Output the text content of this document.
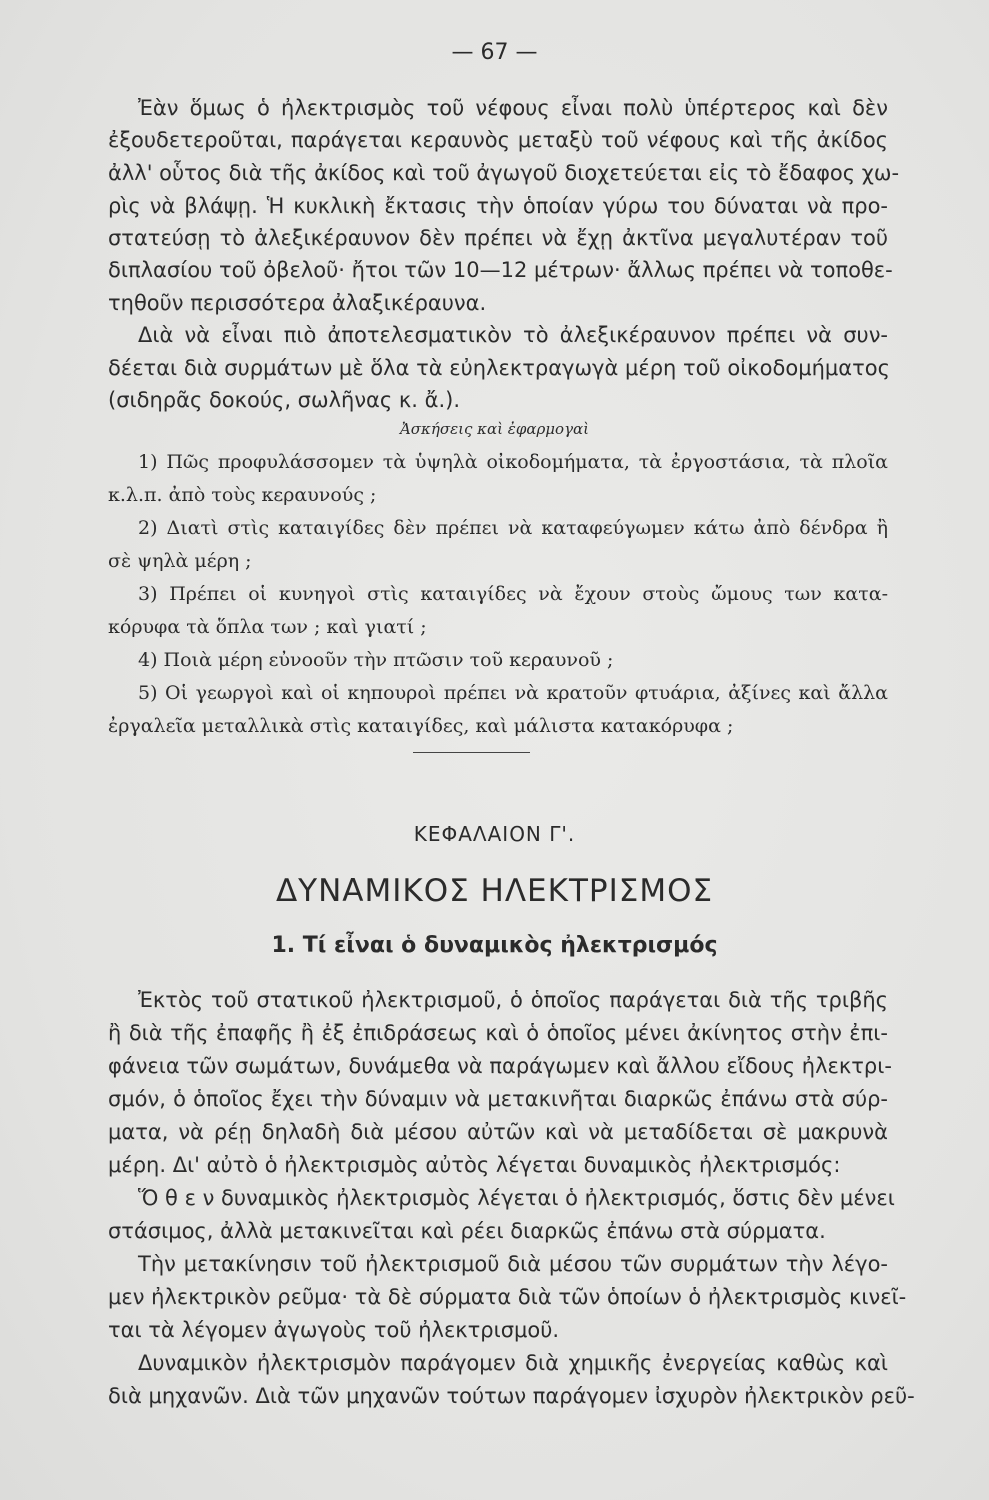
— 67 —
Ἐὰν ὅμως ὁ ἠλεκτρισμὸς τοῦ νέφους εἶναι πολὺ ὑπέρτερος καὶ δὲν
ἐξουδετεροῦται, παράγεται κεραυνὸς μεταξὺ τοῦ νέφους καὶ τῆς ἀκίδος
ἀλλ' οὗτος διὰ τῆς ἀκίδος καὶ τοῦ ἀγωγοῦ διοχετεύεται εἰς τὸ ἔδαφος χω-
ρὶς νὰ βλάψῃ. Ἡ κυκλικὴ ἔκτασις τὴν ὁποίαν γύρω του δύναται νὰ προ-
στατεύσῃ τὸ ἀλεξικέραυνον δὲν πρέπει νὰ ἔχῃ ἀκτῖνα μεγαλυτέραν τοῦ
διπλασίου τοῦ ὀβελοῦ· ἤτοι τῶν 10—12 μέτρων· ἄλλως πρέπει νὰ τοποθε-
τηθοῦν περισσότερα ἀλαξικέραυνα.
Διὰ νὰ εἶναι πιὸ ἀποτελεσματικὸν τὸ ἀλεξικέραυνον πρέπει νὰ συν-
δέεται διὰ συρμάτων μὲ ὅλα τὰ εὐηλεκτραγωγὰ μέρη τοῦ οἰκοδομήματος
(σιδηρᾶς δοκούς, σωλῆνας κ. ἄ.).
Ἀσκήσεις καὶ ἐφαρμογαὶ
1) Πῶς προφυλάσσομεν τὰ ὑψηλὰ οἰκοδομήματα, τὰ ἐργοστάσια, τὰ πλοῖα
κ.λ.π. ἀπὸ τοὺς κεραυνούς ;
2) Διατὶ στὶς καταιγίδες δὲν πρέπει νὰ καταφεύγωμεν κάτω ἀπὸ δένδρα ἢ
σὲ ψηλὰ μέρη ;
3) Πρέπει οἱ κυνηγοὶ στὶς καταιγίδες νὰ ἔχουν στοὺς ὤμους των κατα-
κόρυφα τὰ ὅπλα των ; καὶ γιατί ;
4) Ποιὰ μέρη εὐνοοῦν τὴν πτῶσιν τοῦ κεραυνοῦ ;
5) Οἱ γεωργοὶ καὶ οἱ κηπουροὶ πρέπει νὰ κρατοῦν φτυάρια, ἀξίνες καὶ ἄλλα
ἐργαλεῖα μεταλλικὰ στὶς καταιγίδες, καὶ μάλιστα κατακόρυφα ;
ΚΕΦΑΛΑΙΟΝ Γ'.
ΔΥΝΑΜΙΚΟΣ ΗΛΕΚΤΡΙΣΜΟΣ
1. Τί εἶναι ὁ δυναμικὸς ἠλεκτρισμός
Ἐκτὸς τοῦ στατικοῦ ἠλεκτρισμοῦ, ὁ ὁποῖος παράγεται διὰ τῆς τριβῆς
ἢ διὰ τῆς ἐπαφῆς ἢ ἐξ ἐπιδράσεως καὶ ὁ ὁποῖος μένει ἀκίνητος στὴν ἐπι-
φάνεια τῶν σωμάτων, δυνάμεθα νὰ παράγωμεν καὶ ἄλλου εἴδους ἠλεκτρι-
σμόν, ὁ ὁποῖος ἔχει τὴν δύναμιν νὰ μετακινῆται διαρκῶς ἐπάνω στὰ σύρ-
ματα, νὰ ρέῃ δηλαδὴ διὰ μέσου αὐτῶν καὶ νὰ μεταδίδεται σὲ μακρυνὰ
μέρη. Δι' αὐτὸ ὁ ἠλεκτρισμὸς αὐτὸς λέγεται δυναμικὸς ἠλεκτρισμός:
Ὅ θ ε ν δυναμικὸς ἠλεκτρισμὸς λέγεται ὁ ἠλεκτρισμός, ὅστις δὲν μένει
στάσιμος, ἀλλὰ μετακινεῖται καὶ ρέει διαρκῶς ἐπάνω στὰ σύρματα.
Τὴν μετακίνησιν τοῦ ἠλεκτρισμοῦ διὰ μέσου τῶν συρμάτων τὴν λέγο-
μεν ἠλεκτρικὸν ρεῦμα· τὰ δὲ σύρματα διὰ τῶν ὁποίων ὁ ἠλεκτρισμὸς κινεῖ-
ται τὰ λέγομεν ἀγωγοὺς τοῦ ἠλεκτρισμοῦ.
Δυναμικὸν ἠλεκτρισμὸν παράγομεν διὰ χημικῆς ἐνεργείας καθὼς καὶ
διὰ μηχανῶν. Διὰ τῶν μηχανῶν τούτων παράγομεν ἰσχυρὸν ἠλεκτρικὸν ρεῦ-
